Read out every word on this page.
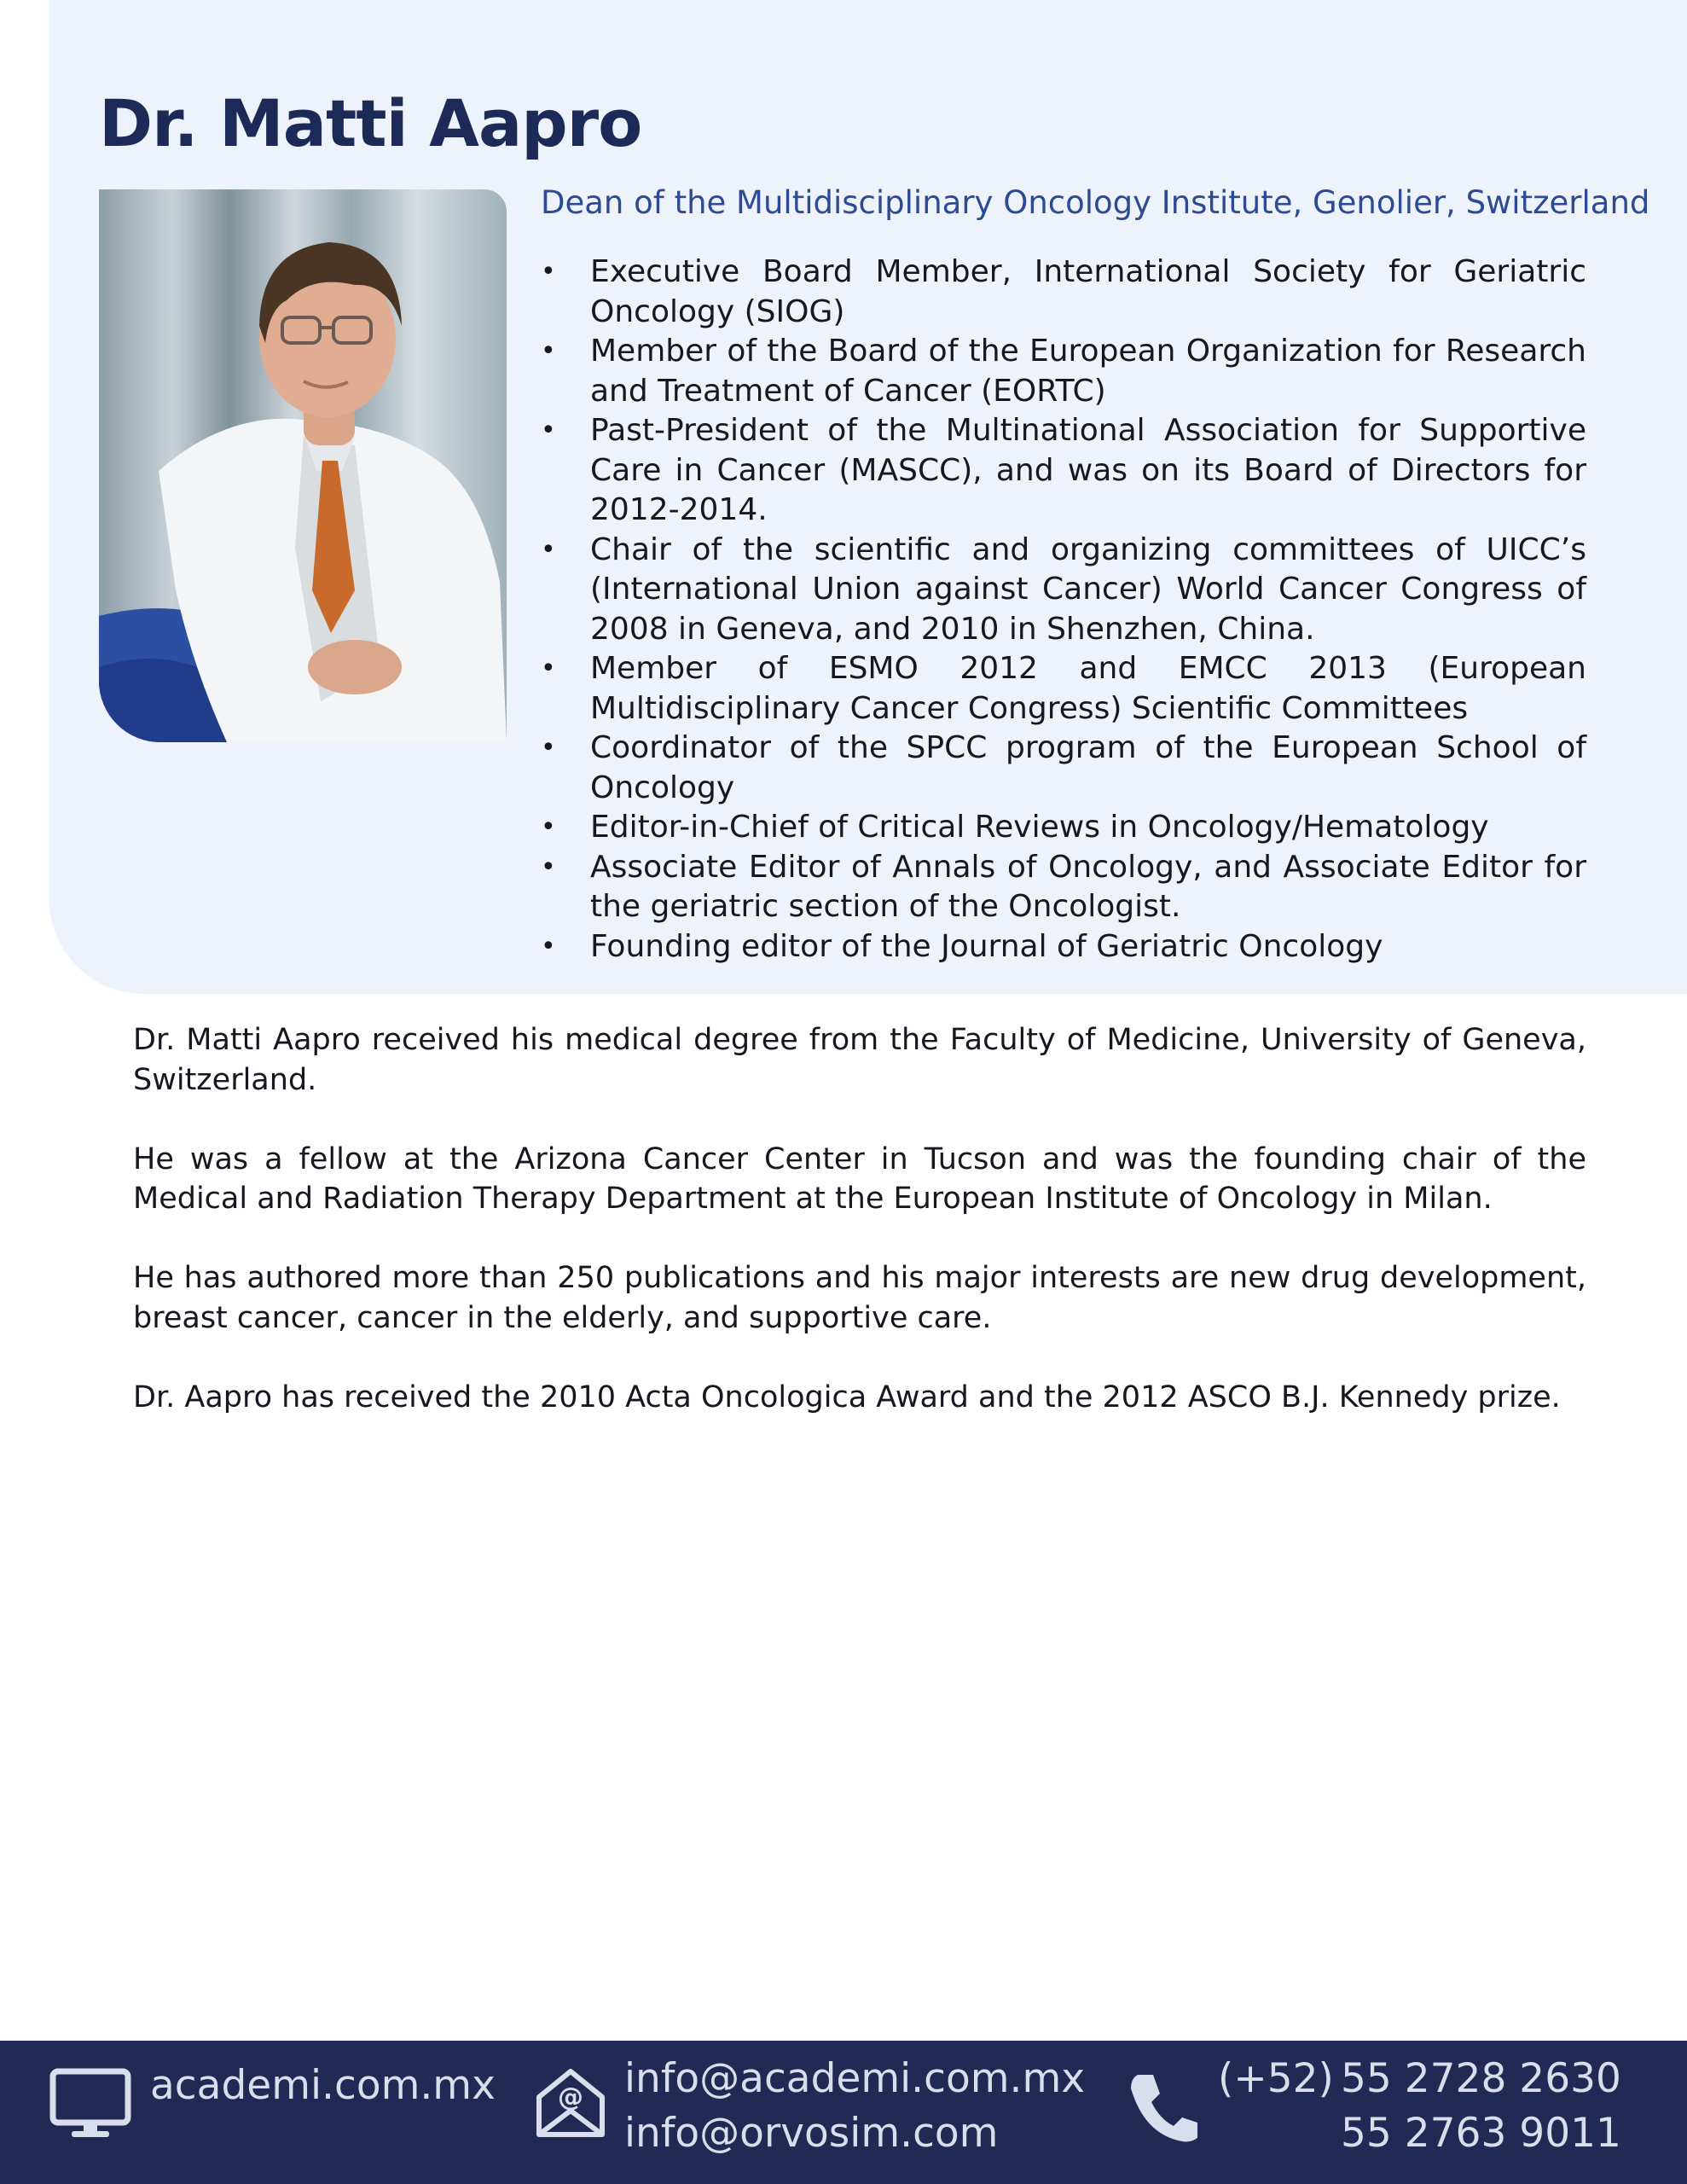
Dr. Matti Aapro

Dean of the Multidisciplinary Oncology Institute, Genolier, Switzerland

• Executive Board Member, International Society for Geriatric Oncology (SIOG)
• Member of the Board of the European Organization for Research and Treatment of Cancer (EORTC)
• Past-President of the Multinational Association for Supportive Care in Cancer (MASCC), and was on its Board of Directors for 2012-2014.
• Chair of the scientific and organizing committees of UICC’s (International Union against Cancer) World Cancer Congress of 2008 in Geneva, and 2010 in Shenzhen, China.
• Member of ESMO 2012 and EMCC 2013 (European Multidisciplinary Cancer Congress) Scientific Committees
• Coordinator of the SPCC program of the European School of Oncology
• Editor-in-Chief of Critical Reviews in Oncology/Hematology
• Associate Editor of Annals of Oncology, and Associate Editor for the geriatric section of the Oncologist.
• Founding editor of the Journal of Geriatric Oncology

Dr. Matti Aapro received his medical degree from the Faculty of Medicine, University of Geneva, Switzerland.

He was a fellow at the Arizona Cancer Center in Tucson and was the founding chair of the Medical and Radiation Therapy Department at the European Institute of Oncology in Milan.

He has authored more than 250 publications and his major interests are new drug development, breast cancer, cancer in the elderly, and supportive care.

Dr. Aapro has received the 2010 Acta Oncologica Award and the 2012 ASCO B.J. Kennedy prize.

academi.com.mx @ info@academi.com.mx
info@orvosim.com
(+52) 55 2728 2630
55 2763 9011
